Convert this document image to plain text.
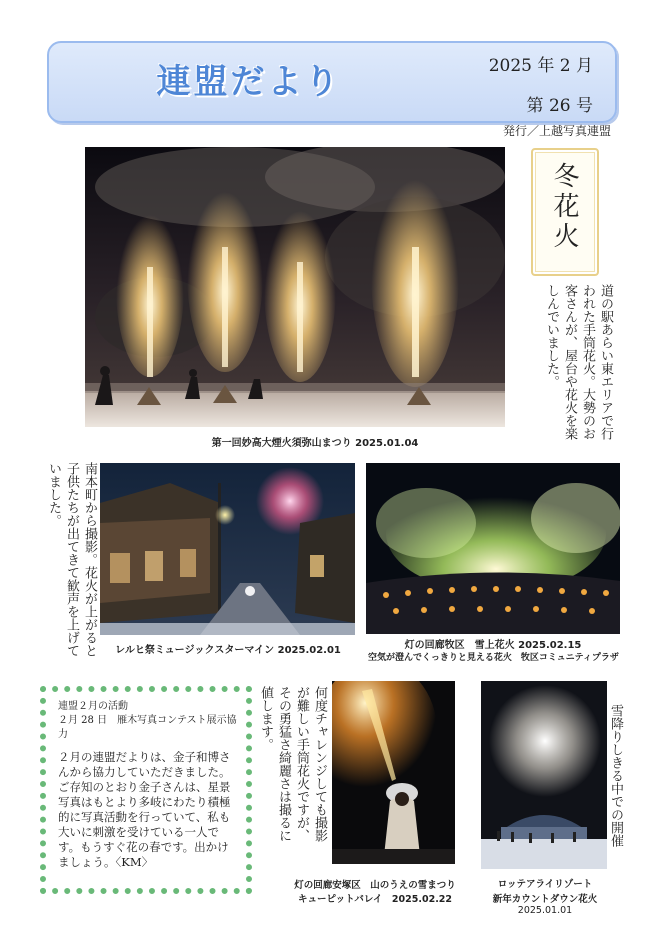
連盟だより	2025 年 2 月
第 26 号
発行／上越写真連盟
第一回妙高大煙火須弥山まつり 2025.01.04
冬花火
道の駅あらい東エリアで行われた手筒花火。大勢のお客さんが、屋台や花火を楽しんでいました。
南本町から撮影。花火が上がると子供たちが出てきて歓声を上げていました。
レルヒ祭ミュージックスターマイン 2025.02.01	灯の回廊牧区　雪上花火 2025.02.15
空気が澄んでくっきりと見える花火　牧区コミュニティプラザ
連盟２月の活動
２月 28 日　雁木写真コンテスト展示協力
２月の連盟だよりは、金子和博さんから協力していただきました。ご存知のとおり金子さんは、星景写真はもとより多岐にわたり積極的に写真活動を行っていて、私も大いに刺激を受けている一人です。もうすぐ花の春です。出かけましょう。〈KM〉
何度チャレンジしても撮影が難しい手筒花火ですが、その勇猛さ綺麗さは撮るに値します。
灯の回廊安塚区　山のうえの雪まつり
キューピットバレイ　2025.02.22
雪降りしきる中での開催
ロッテアライリゾート
新年カウントダウン花火
2025.01.01
